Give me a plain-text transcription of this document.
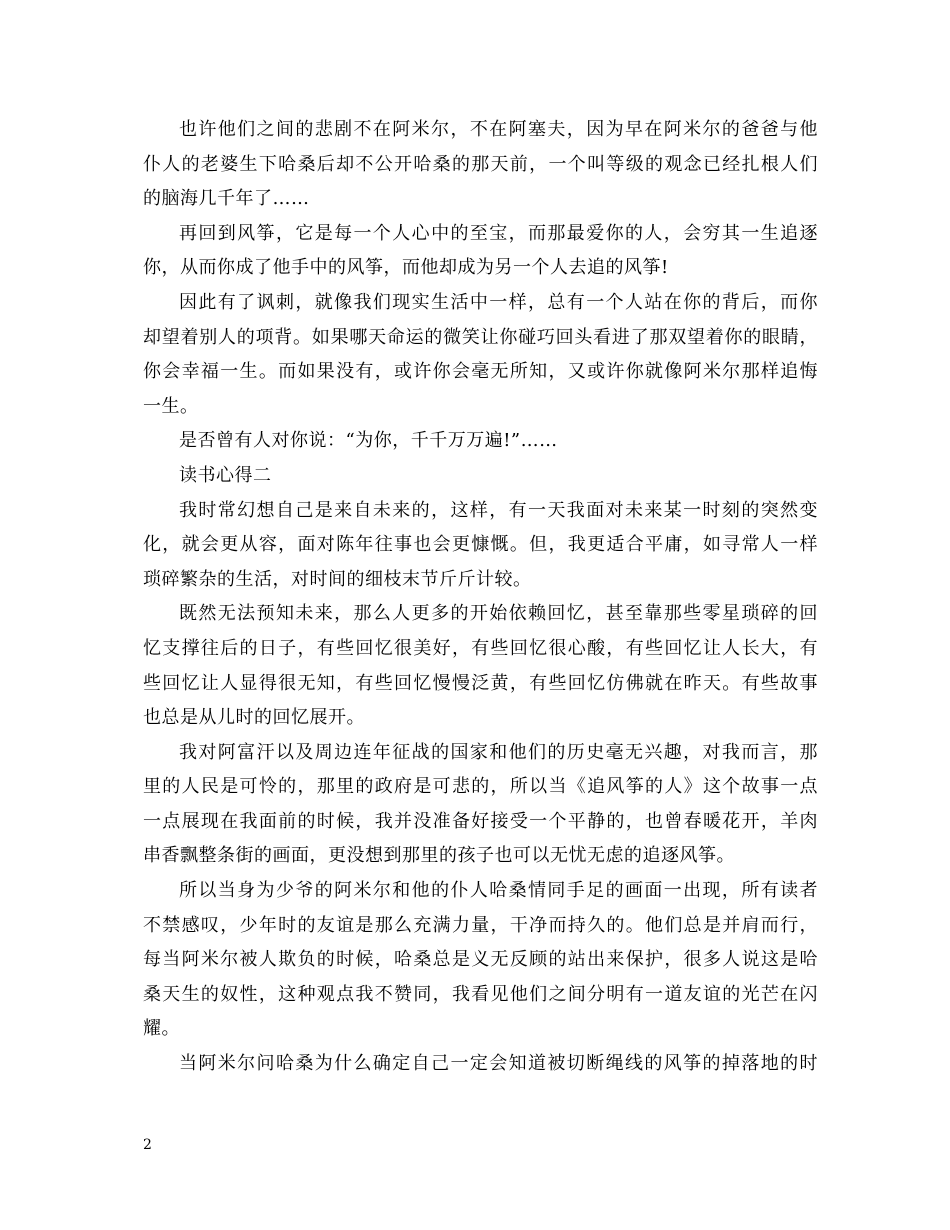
也许他们之间的悲剧不在阿米尔，不在阿塞夫，因为早在阿米尔的爸爸与他
仆人的老婆生下哈桑后却不公开哈桑的那天前，一个叫等级的观念已经扎根人们
的脑海几千年了……
再回到风筝，它是每一个人心中的至宝，而那最爱你的人，会穷其一生追逐
你，从而你成了他手中的风筝，而他却成为另一个人去追的风筝!
因此有了讽刺，就像我们现实生活中一样，总有一个人站在你的背后，而你
却望着别人的项背。如果哪天命运的微笑让你碰巧回头看进了那双望着你的眼睛，
你会幸福一生。而如果没有，或许你会毫无所知，又或许你就像阿米尔那样追悔
一生。
是否曾有人对你说：“为你，千千万万遍!”……
读书心得二
我时常幻想自己是来自未来的，这样，有一天我面对未来某一时刻的突然变
化，就会更从容，面对陈年往事也会更慷慨。但，我更适合平庸，如寻常人一样
琐碎繁杂的生活，对时间的细枝末节斤斤计较。
既然无法预知未来，那么人更多的开始依赖回忆，甚至靠那些零星琐碎的回
忆支撑往后的日子，有些回忆很美好，有些回忆很心酸，有些回忆让人长大，有
些回忆让人显得很无知，有些回忆慢慢泛黄，有些回忆仿佛就在昨天。有些故事
也总是从儿时的回忆展开。
我对阿富汗以及周边连年征战的国家和他们的历史毫无兴趣，对我而言，那
里的人民是可怜的，那里的政府是可悲的，所以当《追风筝的人》这个故事一点
一点展现在我面前的时候，我并没准备好接受一个平静的，也曾春暖花开，羊肉
串香飘整条街的画面，更没想到那里的孩子也可以无忧无虑的追逐风筝。
所以当身为少爷的阿米尔和他的仆人哈桑情同手足的画面一出现，所有读者
不禁感叹，少年时的友谊是那么充满力量，干净而持久的。他们总是并肩而行，
每当阿米尔被人欺负的时候，哈桑总是义无反顾的站出来保护，很多人说这是哈
桑天生的奴性，这种观点我不赞同，我看见他们之间分明有一道友谊的光芒在闪
耀。
当阿米尔问哈桑为什么确定自己一定会知道被切断绳线的风筝的掉落地的时
2
